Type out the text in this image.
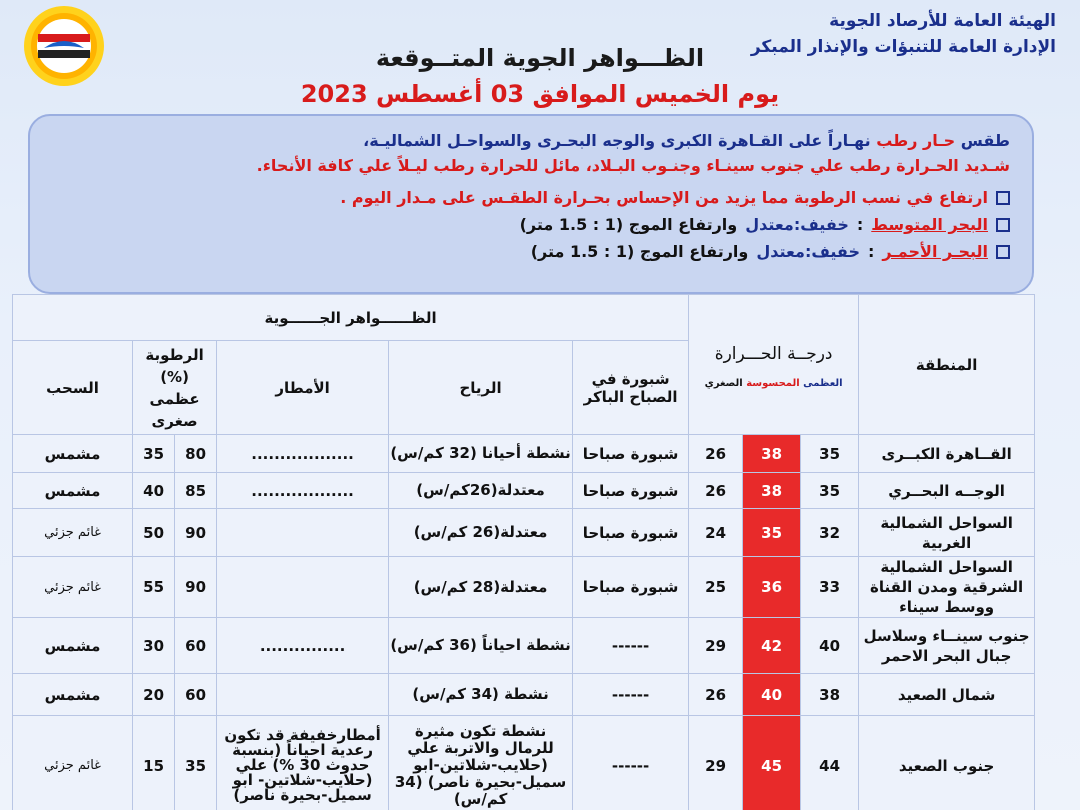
الهيئة العامة للأرصاد الجوية
الإدارة العامة للتنبؤات والإنذار المبكر
الظـــواهر الجوية المتــوقعة
يوم الخميس الموافق 03 أغسطس 2023
طقس حـار رطب نهـاراً على القـاهرة الكبرى والوجه البحـرى والسواحـل الشماليـة،
شـديد الحـرارة رطب علي جنوب سينـاء وجنـوب البـلاد، مائل للحرارة رطب ليـلاً علي كافة الأنحاء.
ارتفاع في نسب الرطوبة مما يزيد من الإحساس بحـرارة الطقـس على مـدار اليوم .
البحر المتوسط
:
خفيف:معتدل
وارتفاع الموج (1 : 1.5 متر)
البحـر الأحمـر
:
خفيف:معتدل
وارتفاع الموج (1 : 1.5 متر)
المنطقة	درجــة الحـــرارة
العظمى المحسوسة الصغري			الظــــــواهر الجــــــوية					
				شبورة في الصباح الباكر	الرياح	الأمطار	الرطوبة (%) عظمى صغرى		السحب
القــاهرة الكبــرى	35	38	26	شبورة صباحا	نشطة أحيانا (32 كم/س)	..................	80	35	مشمس
الوجــه البحــري	35	38	26	شبورة صباحا	معتدلة(26كم/س)	..................	85	40	مشمس
السواحل الشمالية الغربية	32	35	24	شبورة صباحا	معتدلة(26 كم/س)		90	50	غائم جزئي
السواحل الشمالية الشرقية ومدن القناة ووسط سيناء	33	36	25	شبورة صباحا	معتدلة(28 كم/س)		90	55	غائم جزئي
جنوب سينــاء وسلاسل جبال البحر الاحمر	40	42	29	------	نشطة احياناً (36 كم/س)	...............	60	30	مشمس
شمال الصعيد	38	40	26	------	نشطة (34 كم/س)		60	20	مشمس
جنوب الصعيد	44	45	29	------	نشطة تكون مثيرة للرمال والاتربة علي (حلايب-شلاتين-ابو سميل-بحيرة ناصر) (34 كم/س)	أمطارخفيفة قد تكون رعدية احياناً (بنسبة حدوث 30 %) علي (حلايب-شلاتين- ابو سميل-بحيرة ناصر)	35	15	غائم جزئي
